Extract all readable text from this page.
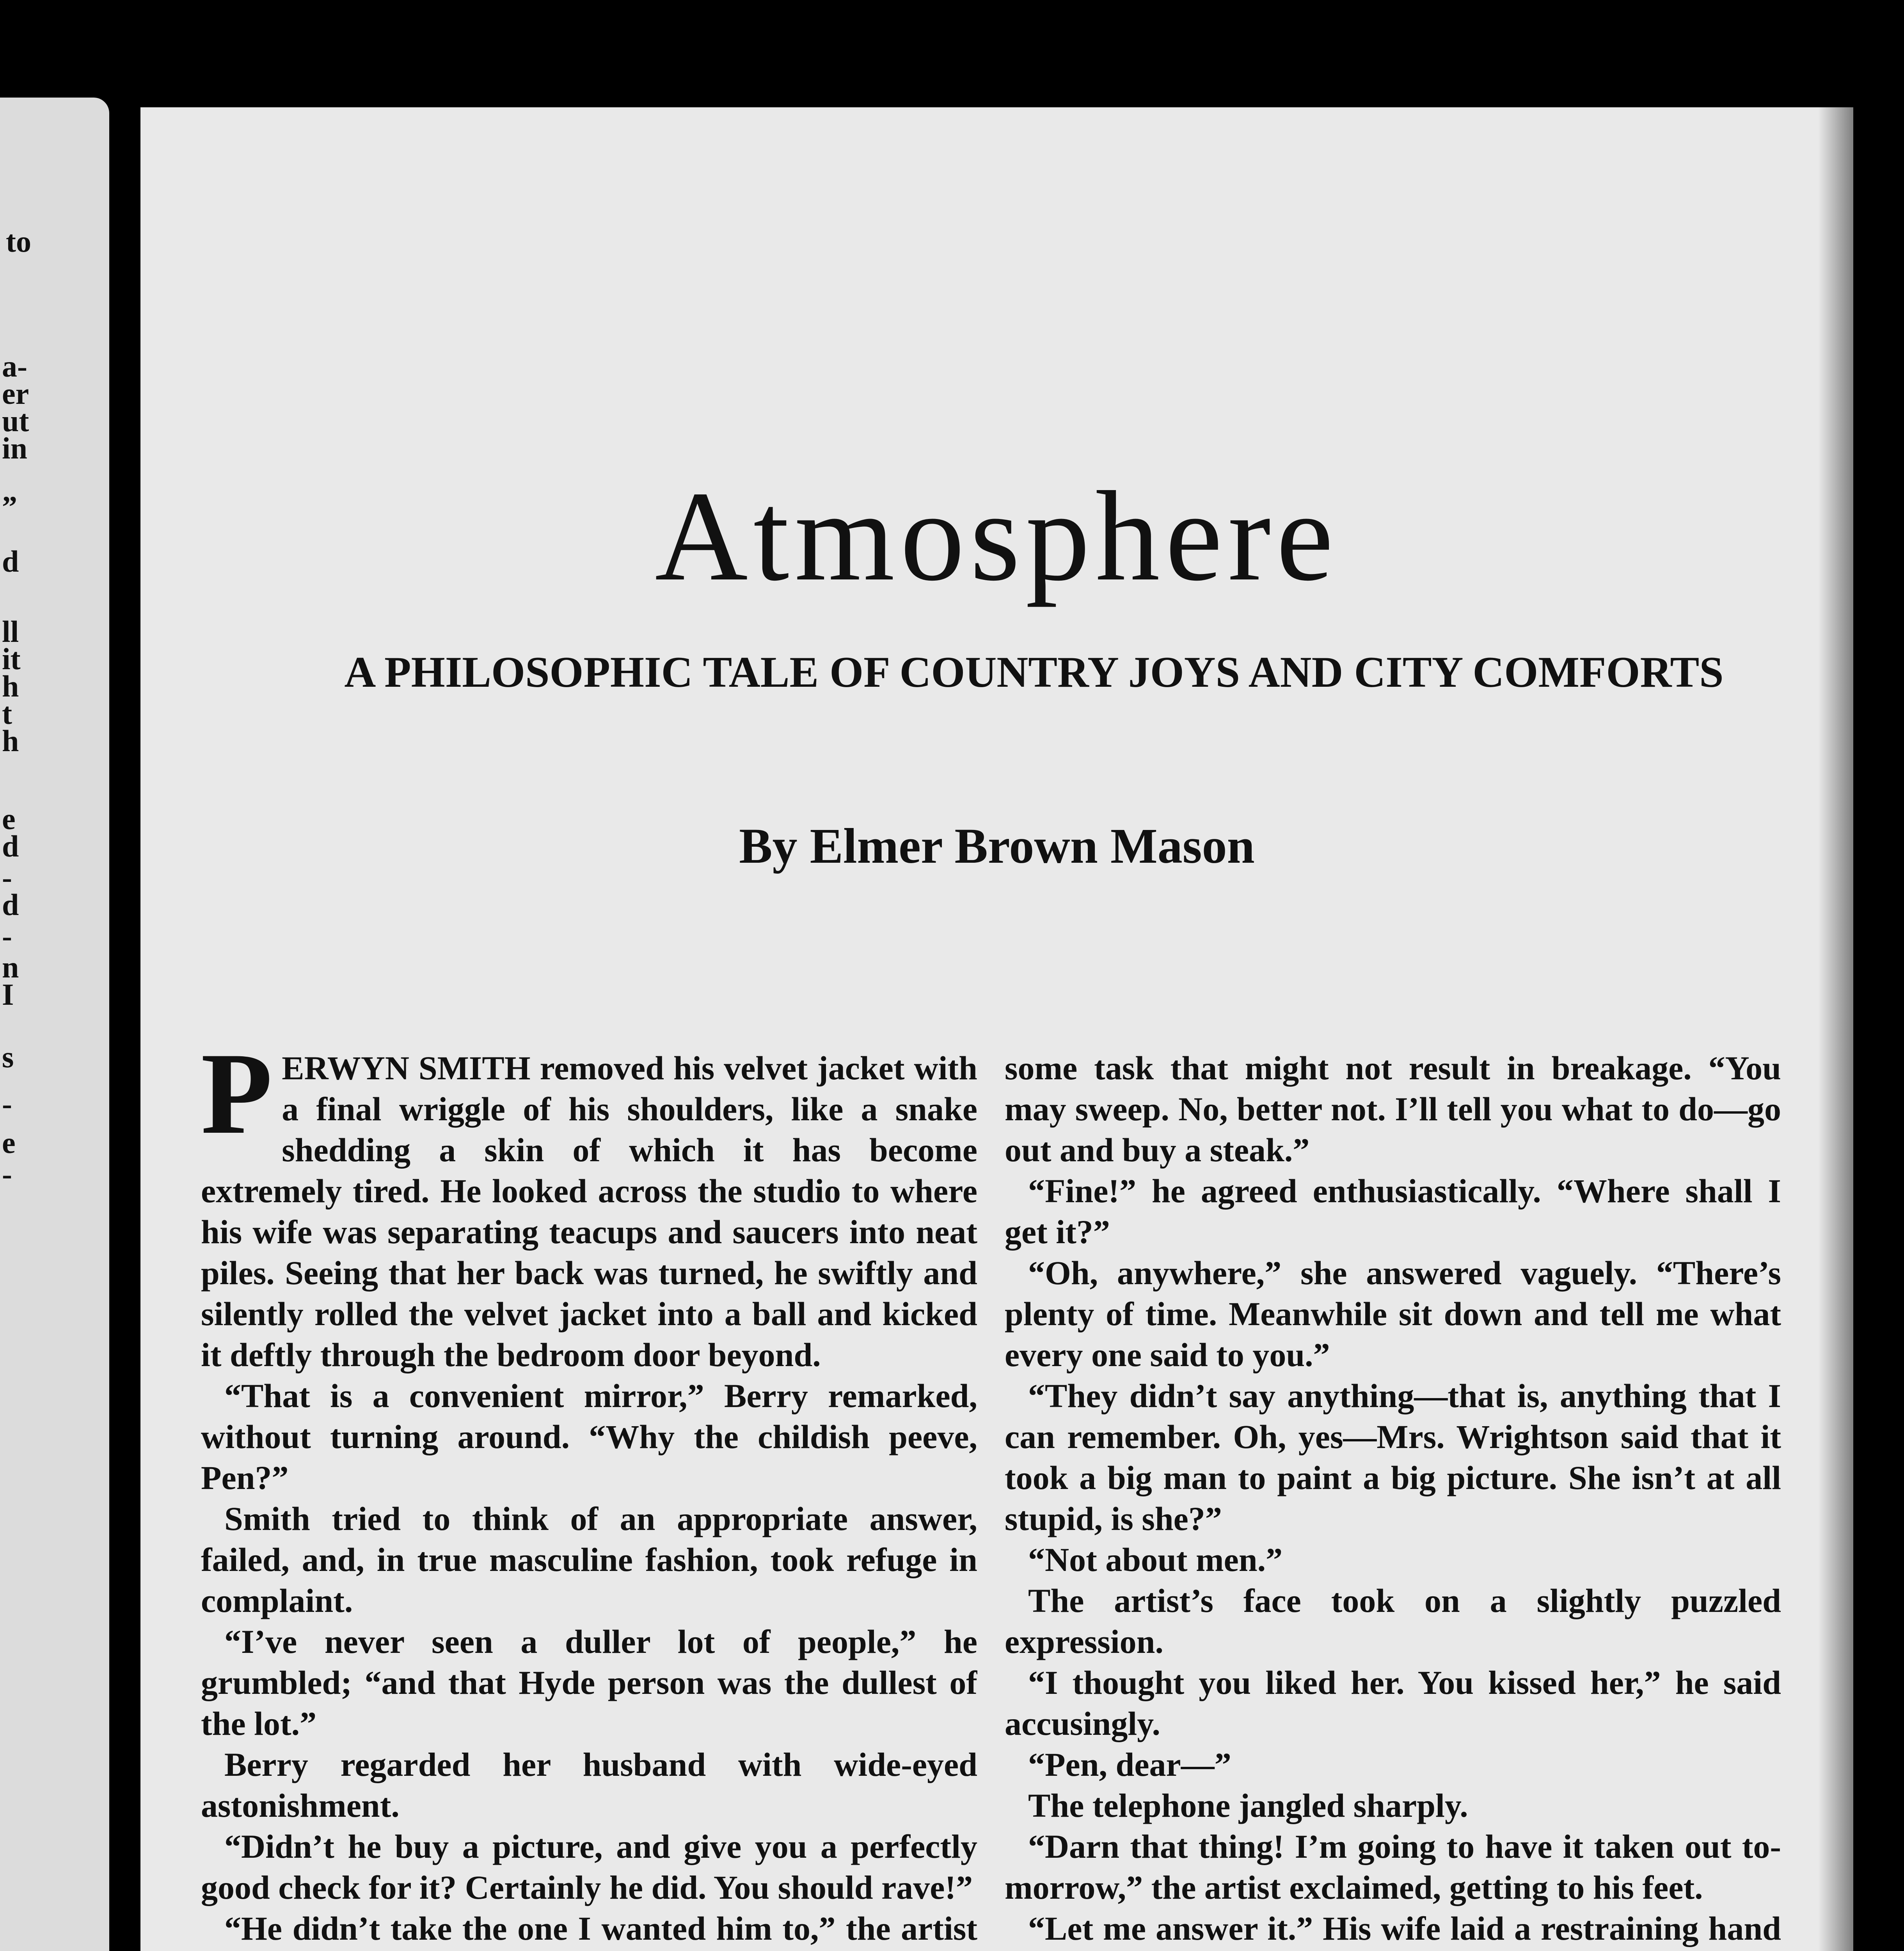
to
a-
er
ut
in
”
d
ll
it
h
t
h
e
d
-
d
-
n
I
s
-
e
-
Atmosphere
A PHILOSOPHIC TALE OF COUNTRY JOYS AND CITY COMFORTS
By Elmer Brown Mason

PERWYN SMITH removed his velvet jacket with a final wriggle of his shoulders, like a snake shedding a skin of which it has become extremely tired. He looked across the studio to where his wife was separating teacups and saucers into neat piles. Seeing that her back was turned, he swiftly and silently rolled the velvet jacket into a ball and kicked it deftly through the bedroom door beyond.

“That is a convenient mirror,” Berry remarked, without turning around. “Why the childish peeve, Pen?”

Smith tried to think of an appropriate answer, failed, and, in true masculine fashion, took refuge in complaint.

“I’ve never seen a duller lot of people,” he grumbled; “and that Hyde person was the dullest of the lot.”

Berry regarded her husband with wide-eyed astonishment.

“Didn’t he buy a picture, and give you a perfectly good check for it? Certainly he did. You should rave!”

“He didn’t take the one I wanted him to,” the artist

some task that might not result in breakage. “You may sweep. No, better not. I’ll tell you what to do—go out and buy a steak.”

“Fine!” he agreed enthusiastically. “Where shall I get it?”

“Oh, anywhere,” she answered vaguely. “There’s plenty of time. Meanwhile sit down and tell me what every one said to you.”

“They didn’t say anything—that is, anything that I can remember. Oh, yes—Mrs. Wrightson said that it took a big man to paint a big picture. She isn’t at all stupid, is she?”

“Not about men.”

The artist’s face took on a slightly puzzled expression.

“I thought you liked her. You kissed her,” he said accusingly.

“Pen, dear—”

The telephone jangled sharply.

“Darn that thing! I’m going to have it taken out to-morrow,” the artist exclaimed, getting to his feet.

“Let me answer it.” His wife laid a restraining hand
